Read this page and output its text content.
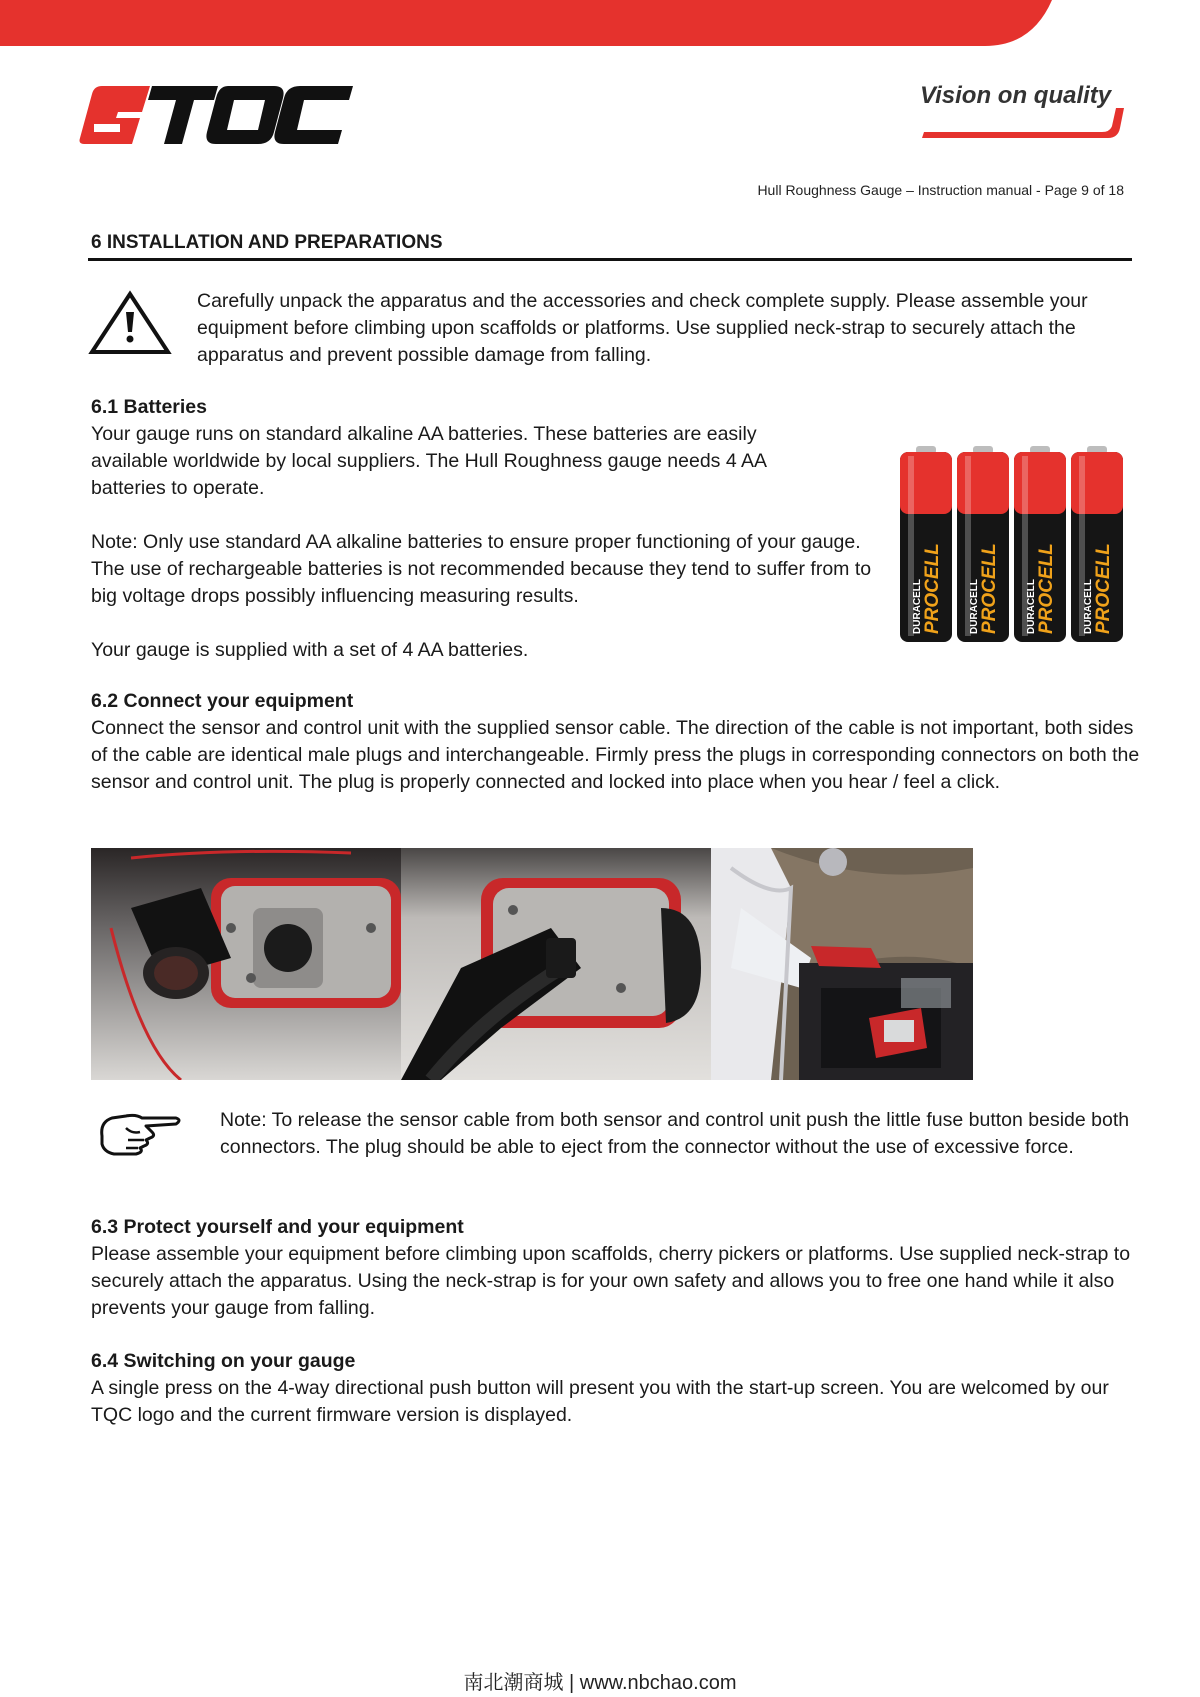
TQC	Vision on quality
Hull Roughness Gauge – Instruction manual - Page 9 of 18
6 INSTALLATION AND PREPARATIONS

Carefully unpack the apparatus and the accessories and check complete supply. Please assemble your equipment before climbing upon scaffolds or platforms. Use supplied neck-strap to securely attach the apparatus and prevent possible damage from falling.

6.1 Batteries

Your gauge runs on standard alkaline AA batteries. These batteries are easily available worldwide by local suppliers. The Hull Roughness gauge needs 4 AA batteries to operate.

Note: Only use standard AA alkaline batteries to ensure proper functioning of your gauge. The use of rechargeable batteries is not recommended because they tend to suffer from to big voltage drops possibly influencing measuring results.

Your gauge is supplied with a set of 4 AA batteries.

DURACELL PROCELL	DURACELL PROCELL	DURACELL PROCELL	DURACELL PROCELL
6.2 Connect your equipment

Connect the sensor and control unit with the supplied sensor cable. The direction of the cable is not important, both sides of the cable are identical male plugs and interchangeable. Firmly press the plugs in corresponding connectors on both the sensor and control unit. The plug is properly connected and locked into place when you hear / feel a click.

Note: To release the sensor cable from both sensor and control unit push the little fuse button beside both connectors. The plug should be able to eject from the connector without the use of excessive force.

6.3 Protect yourself and your equipment

Please assemble your equipment before climbing upon scaffolds, cherry pickers or platforms. Use supplied neck-strap to securely attach the apparatus. Using the neck-strap is for your own safety and allows you to free one hand while it also prevents your gauge from falling.

6.4 Switching on your gauge

A single press on the 4-way directional push button will present you with the start-up screen. You are welcomed by our TQC logo and the current firmware version is displayed.

南北潮商城 | www.nbchao.com
